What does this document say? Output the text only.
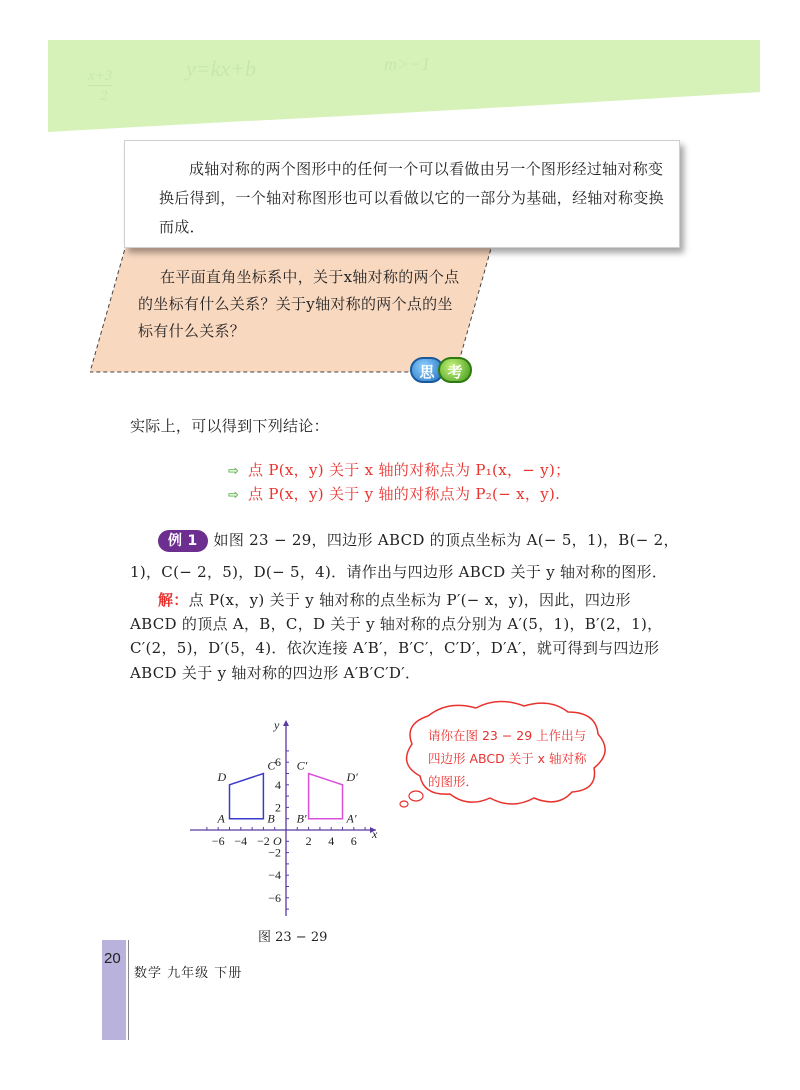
x+3
2
y=kx+b	m>−1
在平面直角坐标系中，关于x轴对称的两个点的坐标有什么关系？关于y轴对称的两个点的坐标有什么关系？
思 考

成轴对称的两个图形中的任何一个可以看做由另一个图形经过轴对称变换后得到，一个轴对称图形也可以看做以它的一部分为基础，经轴对称变换而成．

实际上，可以得到下列结论：
⇨ 点 P(x，y) 关于 x 轴的对称点为 P₁(x，− y)；
⇨ 点 P(x，y) 关于 y 轴的对称点为 P₂(− x，y).
例 1 如图 23 − 29，四边形 ABCD 的顶点坐标为 A(− 5，1)，B(− 2，
1)，C(− 2，5)，D(− 5，4)．请作出与四边形 ABCD 关于 y 轴对称的图形．
解：点 P(x，y) 关于 y 轴对称的点坐标为 P′(− x，y)，因此，四边形
ABCD 的顶点 A，B，C，D 关于 y 轴对称的点分别为 A′(5，1)，B′(2，1)，
C′(2，5)，D′(5，4)．依次连接 A′B′，B′C′，C′D′，D′A′，就可得到与四边形
ABCD 关于 y 轴对称的四边形 A′B′C′D′．
请你在图 23 − 29 上作出与四边形 ABCD 关于 x 轴对称的图形．
−6 −4 −2	2 4 6
−6
−4
−2
2
4
6
O	x
y
A	B
C
D
A′
B′
C′
D′
图 23 − 29
20
数学 九年级 下册
